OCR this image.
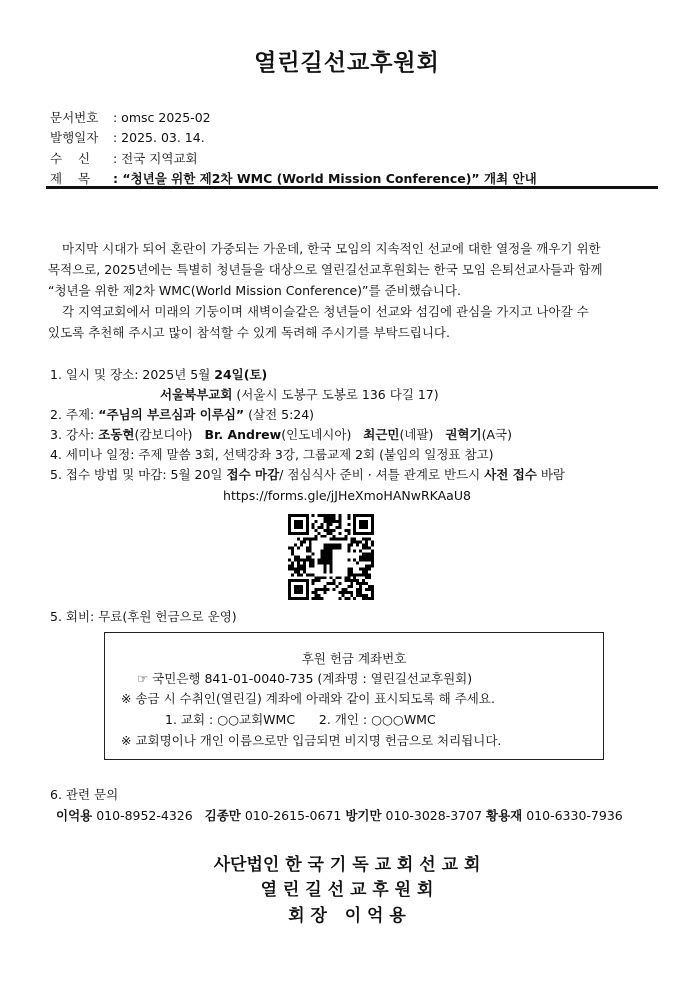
열린길선교후원회
문서번호 : omsc 2025-02
발행일자 : 2025. 03. 14.
수    신 : 전국 지역교회
제    목 : “청년을 위한 제2차 WMC (World Mission Conference)” 개최 안내
마지막 시대가 되어 혼란이 가중되는 가운데, 한국 모임의 지속적인 선교에 대한 열정을 깨우기 위한
목적으로, 2025년에는 특별히 청년들을 대상으로 열린길선교후원회는 한국 모임 은퇴선교사들과 함께
“청년을 위한 제2차 WMC(World Mission Conference)”를 준비했습니다.
각 지역교회에서 미래의 기둥이며 새벽이슬같은 청년들이 선교와 섬김에 관심을 가지고 나아갈 수
있도록 추천해 주시고 많이 참석할 수 있게 독려해 주시기를 부탁드립니다.
1. 일시 및 장소: 2025년 5월 24일(토)
서울북부교회 (서울시 도봉구 도봉로 136 다길 17)
2. 주제: “주님의 부르심과 이루심” (살전 5:24)
3. 강사: 조동현(캄보디아) Br. Andrew(인도네시아) 최근민(네팔) 권혁기(A국)
4. 세미나 일정: 주제 말씀 3회, 선택강좌 3강, 그룹교제 2회 (붙임의 일정표 참고)
5. 접수 방법 및 마감: 5월 20일 접수 마감/ 점심식사 준비 · 셔틀 관계로 반드시 사전 접수 바람
https://forms.gle/jJHeXmoHANwRKAaU8
5. 회비: 무료(후원 헌금으로 운영)
후원 헌금 계좌번호
☞ 국민은행 841-01-0040-735 (계좌명 : 열린길선교후원회)
※ 송금 시 수취인(열린길) 계좌에 아래와 같이 표시되도록 해 주세요.
1. 교회 : ○○교회WMC      2. 개인 : ○○○WMC
※ 교회명이나 개인 이름으로만 입금되면 비지명 헌금으로 처리됩니다.
6. 관련 문의
이억용 010-8952-4326   김종만 010-2615-0671 방기만 010-3028-3707 황용재 010-6330-7936
사단법인 한 국 기 독 교 회 선 교 회
열 린 길 선 교 후 원 회
회 장   이 억 용
